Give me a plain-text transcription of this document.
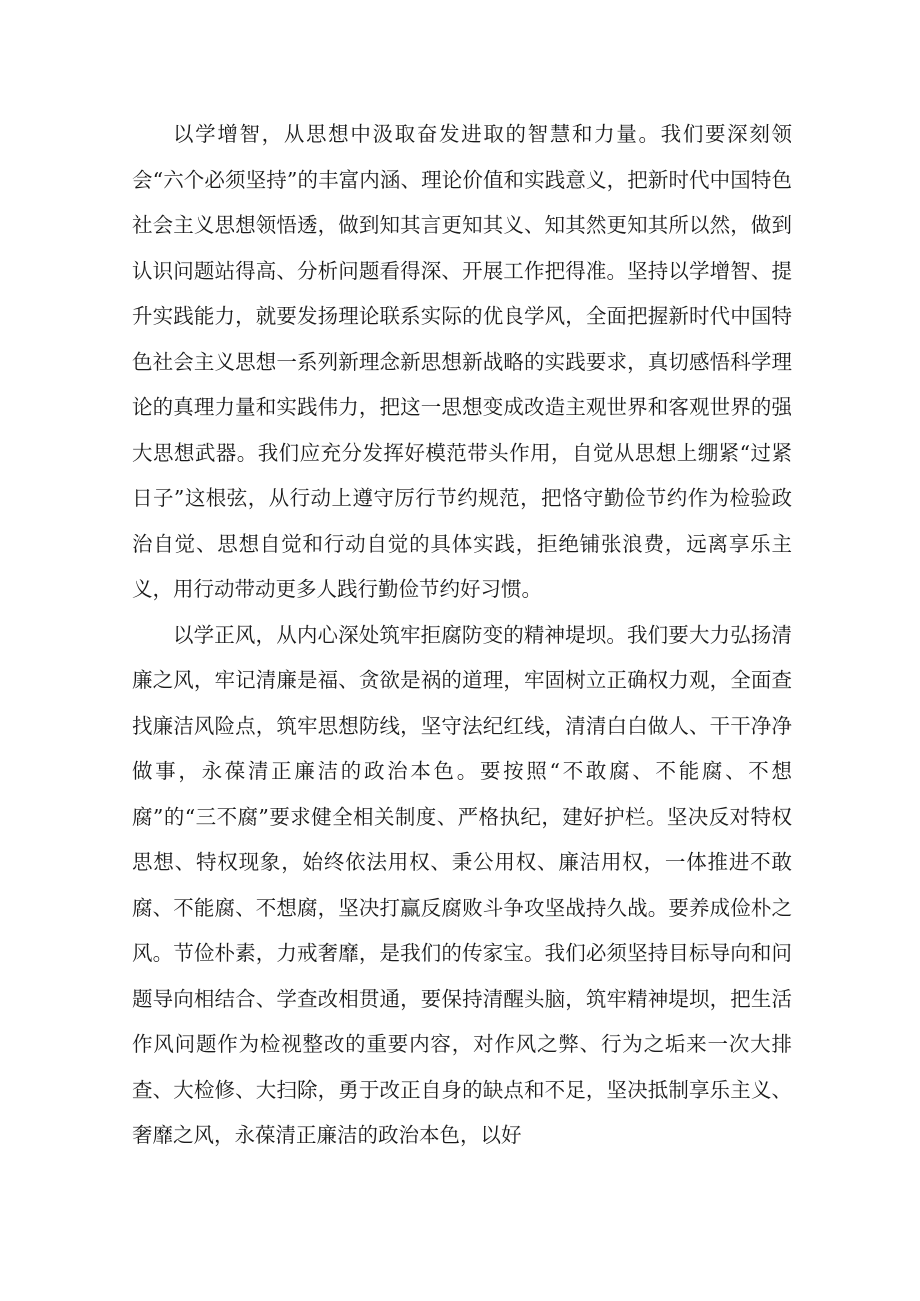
以学增智，从思想中汲取奋发进取的智慧和力量。我们要深刻领会“六个必须坚持”的丰富内涵、理论价值和实践意义，把新时代中国特色社会主义思想领悟透，做到知其言更知其义、知其然更知其所以然，做到认识问题站得高、分析问题看得深、开展工作把得准。坚持以学增智、提升实践能力，就要发扬理论联系实际的优良学风，全面把握新时代中国特色社会主义思想一系列新理念新思想新战略的实践要求，真切感悟科学理论的真理力量和实践伟力，把这一思想变成改造主观世界和客观世界的强大思想武器。我们应充分发挥好模范带头作用，自觉从思想上绷紧“过紧日子”这根弦，从行动上遵守厉行节约规范，把恪守勤俭节约作为检验政治自觉、思想自觉和行动自觉的具体实践，拒绝铺张浪费，远离享乐主义，用行动带动更多人践行勤俭节约好习惯。

以学正风，从内心深处筑牢拒腐防变的精神堤坝。我们要大力弘扬清廉之风，牢记清廉是福、贪欲是祸的道理，牢固树立正确权力观，全面查找廉洁风险点，筑牢思想防线，坚守法纪红线，清清白白做人、干干净净做事，永葆清正廉洁的政治本色。要按照“不敢腐、不能腐、不想腐”的“三不腐”要求健全相关制度、严格执纪，建好护栏。坚决反对特权思想、特权现象，始终依法用权、秉公用权、廉洁用权，一体推进不敢腐、不能腐、不想腐，坚决打赢反腐败斗争攻坚战持久战。要养成俭朴之风。节俭朴素，力戒奢靡，是我们的传家宝。我们必须坚持目标导向和问题导向相结合、学查改相贯通，要保持清醒头脑，筑牢精神堤坝，把生活作风问题作为检视整改的重要内容，对作风之弊、行为之垢来一次大排查、大检修、大扫除，勇于改正自身的缺点和不足，坚决抵制享乐主义、奢靡之风，永葆清正廉洁的政治本色，以好
